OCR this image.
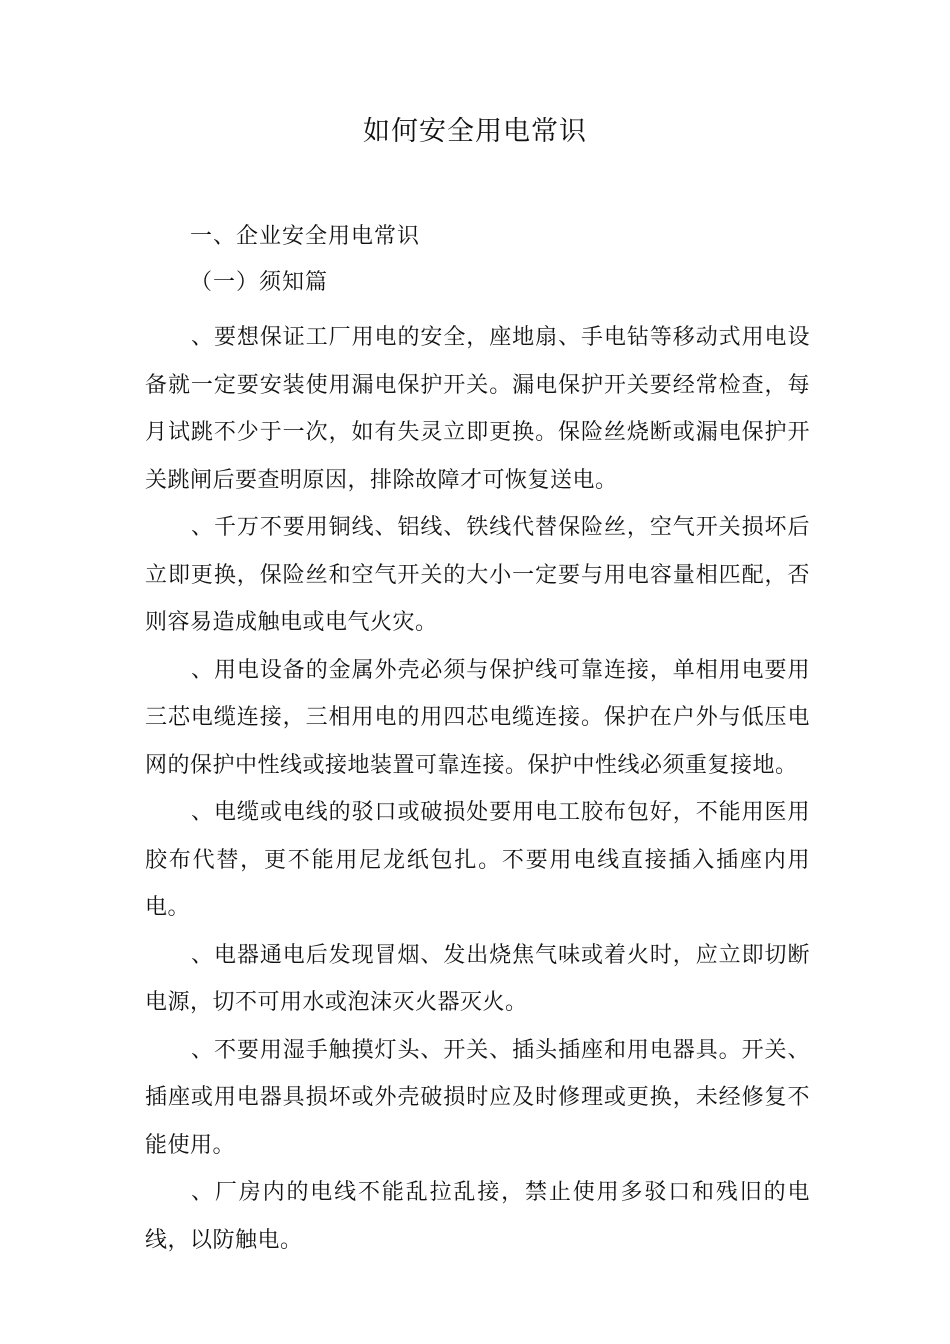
如何安全用电常识
一、企业安全用电常识
（一）须知篇

、要想保证工厂用电的安全，座地扇、手电钻等移动式用电设备就一定要安装使用漏电保护开关。漏电保护开关要经常检查，每月试跳不少于一次，如有失灵立即更换。保险丝烧断或漏电保护开关跳闸后要查明原因，排除故障才可恢复送电。

、千万不要用铜线、铝线、铁线代替保险丝，空气开关损坏后立即更换，保险丝和空气开关的大小一定要与用电容量相匹配，否则容易造成触电或电气火灾。

、用电设备的金属外壳必须与保护线可靠连接，单相用电要用三芯电缆连接，三相用电的用四芯电缆连接。保护在户外与低压电网的保护中性线或接地装置可靠连接。保护中性线必须重复接地。

、电缆或电线的驳口或破损处要用电工胶布包好，不能用医用胶布代替，更不能用尼龙纸包扎。不要用电线直接插入插座内用电。

、电器通电后发现冒烟、发出烧焦气味或着火时，应立即切断电源，切不可用水或泡沫灭火器灭火。

、不要用湿手触摸灯头、开关、插头插座和用电器具。开关、插座或用电器具损坏或外壳破损时应及时修理或更换，未经修复不能使用。

、厂房内的电线不能乱拉乱接，禁止使用多驳口和残旧的电线，以防触电。
